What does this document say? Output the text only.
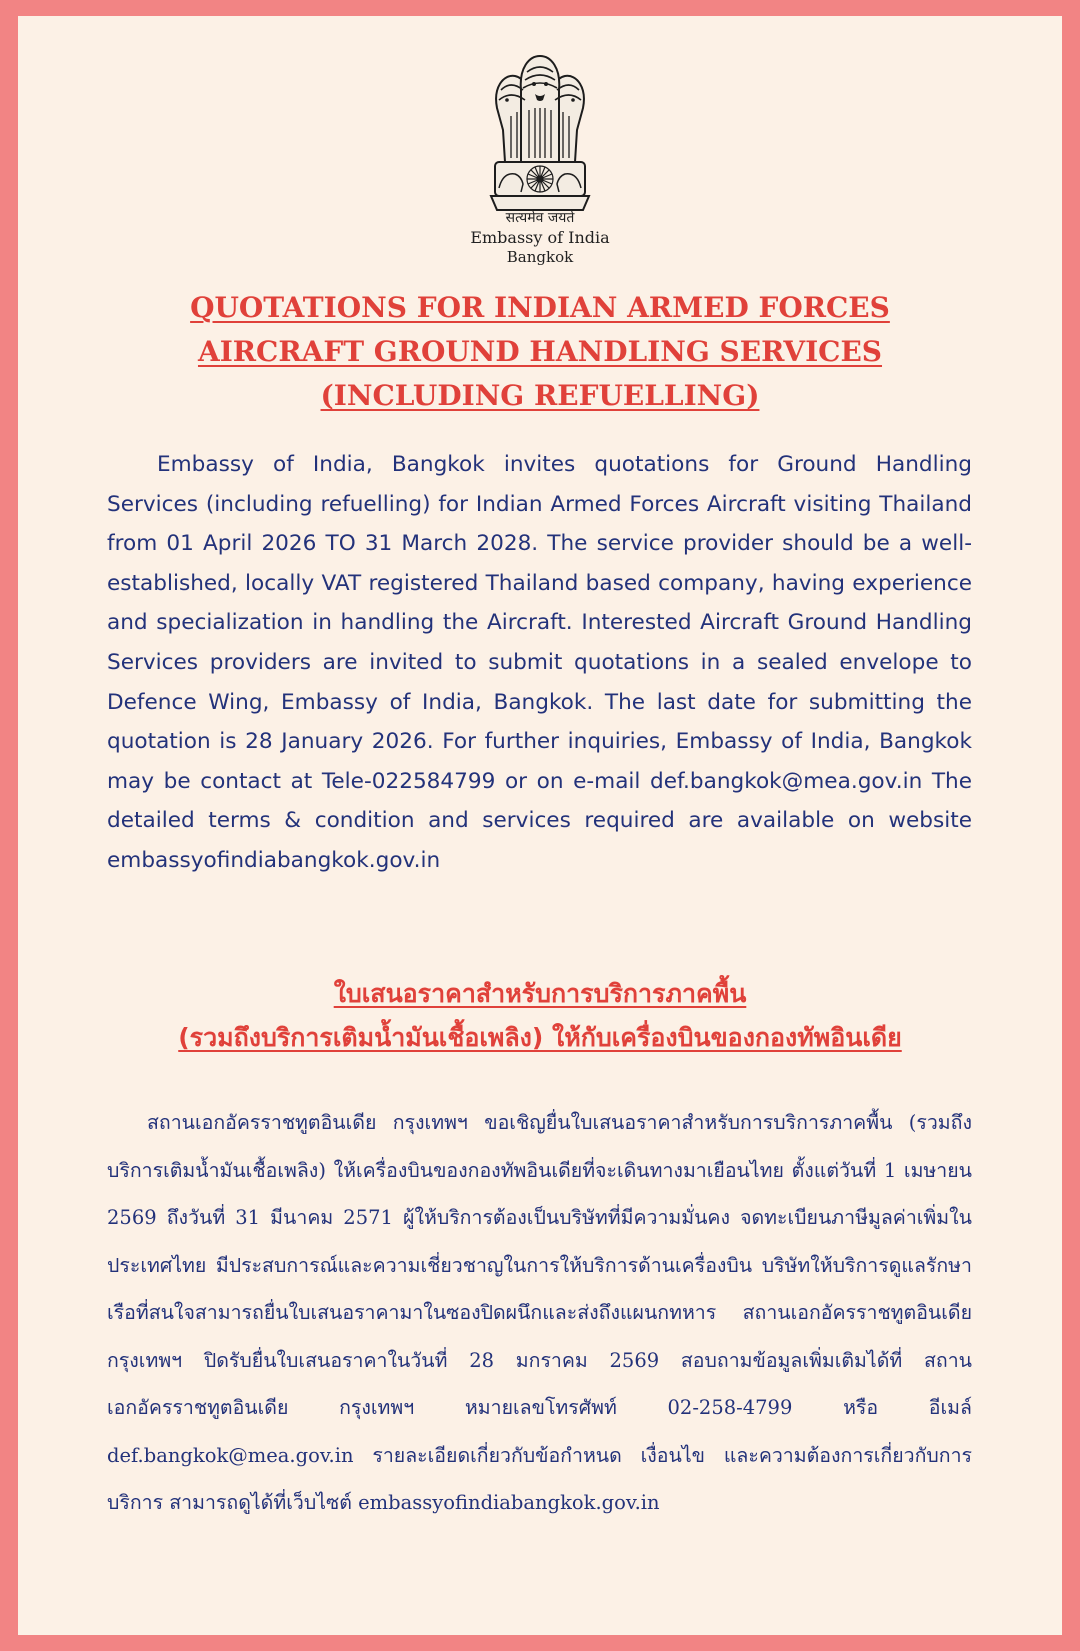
सत्यमेव जयते
Embassy of India
Bangkok
QUOTATIONS FOR INDIAN ARMED FORCES
AIRCRAFT GROUND HANDLING SERVICES
(INCLUDING REFUELLING)

Embassy of India, Bangkok invites quotations for Ground Handling Services (including refuelling) for Indian Armed Forces Aircraft visiting Thailand from 01 April 2026 TO 31 March 2028. The service provider should be a well-established, locally VAT registered Thailand based company, having experience and specialization in handling the Aircraft. Interested Aircraft Ground Handling Services providers are invited to submit quotations in a sealed envelope to Defence Wing, Embassy of India, Bangkok. The last date for submitting the quotation is 28 January 2026. For further inquiries, Embassy of India, Bangkok may be contact at Tele-022584799 or on e-mail def.bangkok@mea.gov.in The detailed terms & condition and services required are available on website embassyofindiabangkok.gov.in

ใบเสนอราคาสำหรับการบริการภาคพื้น
(รวมถึงบริการเติมน้ำมันเชื้อเพลิง) ให้กับเครื่องบินของกองทัพอินเดีย

สถานเอกอัครราชทูตอินเดีย กรุงเทพฯ ขอเชิญยื่นใบเสนอราคาสำหรับการบริการภาคพื้น (รวมถึงบริการเติมน้ำมันเชื้อเพลิง) ให้เครื่องบินของกองทัพอินเดียที่จะเดินทางมาเยือนไทย ตั้งแต่วันที่ 1 เมษายน 2569 ถึงวันที่ 31 มีนาคม 2571 ผู้ให้บริการต้องเป็นบริษัทที่มีความมั่นคง จดทะเบียนภาษีมูลค่าเพิ่มในประเทศไทย มีประสบการณ์และความเชี่ยวชาญในการให้บริการด้านเครื่องบิน บริษัทให้บริการดูแลรักษาเรือที่สนใจสามารถยื่นใบเสนอราคามาในซองปิดผนึกและส่งถึงแผนกทหาร สถานเอกอัครราชทูตอินเดีย กรุงเทพฯ ปิดรับยื่นใบเสนอราคาในวันที่ 28 มกราคม 2569 สอบถามข้อมูลเพิ่มเติมได้ที่ สถานเอกอัครราชทูตอินเดีย กรุงเทพฯ หมายเลขโทรศัพท์ 02-258-4799 หรือ อีเมล์ def.bangkok@mea.gov.in รายละเอียดเกี่ยวกับข้อกำหนด เงื่อนไข และความต้องการเกี่ยวกับการบริการ สามารถดูได้ที่เว็บไซต์ embassyofindiabangkok.gov.in
